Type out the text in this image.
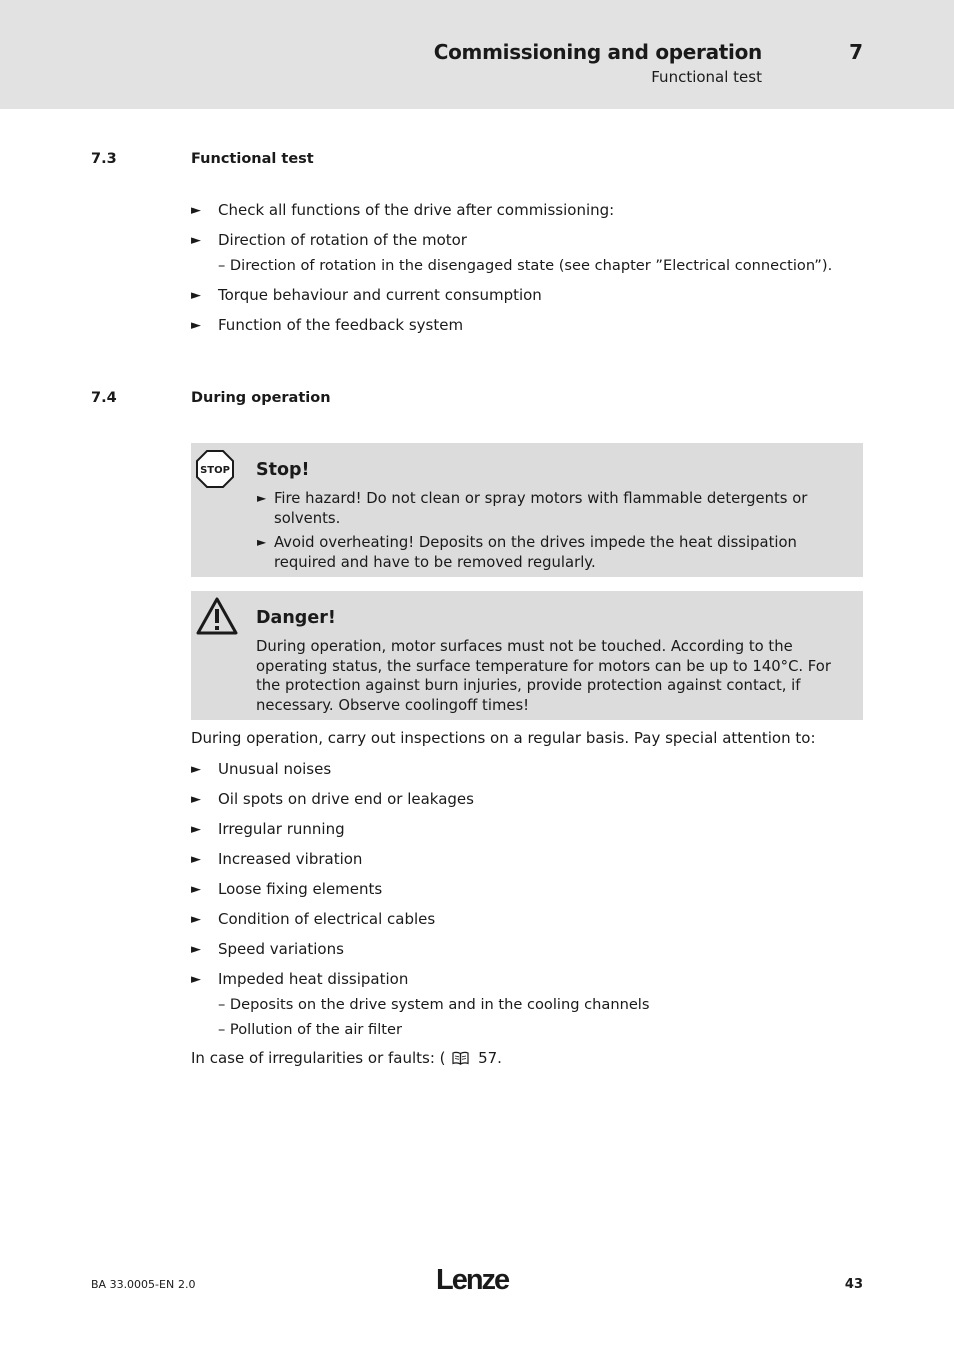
Commissioning and operation	7
Functional test
7.3	Functional test
► Check all functions of the drive after commissioning:
► Direction of rotation of the motor
– Direction of rotation in the disengaged state (see chapter ”Electrical connection”).
► Torque behaviour and current consumption
► Function of the feedback system
7.4	During operation
STOP Stop!
► Fire hazard! Do not clean or spray motors with flammable detergents or solvents.
► Avoid overheating! Deposits on the drives impede the heat dissipation required and have to be removed regularly.
Danger!
During operation, motor surfaces must not be touched. According to the operating status, the surface temperature for motors can be up to 140°C. For the protection against burn injuries, provide protection against contact, if necessary. Observe coolingoff times!
During operation, carry out inspections on a regular basis. Pay special attention to:
► Unusual noises
► Oil spots on drive end or leakages
► Irregular running
► Increased vibration
► Loose fixing elements
► Condition of electrical cables
► Speed variations
► Impeded heat dissipation
– Deposits on the drive system and in the cooling channels
– Pollution of the air filter
In case of irregularities or faults: ( 57.
BA 33.0005-EN 2.0	Lenze	43
